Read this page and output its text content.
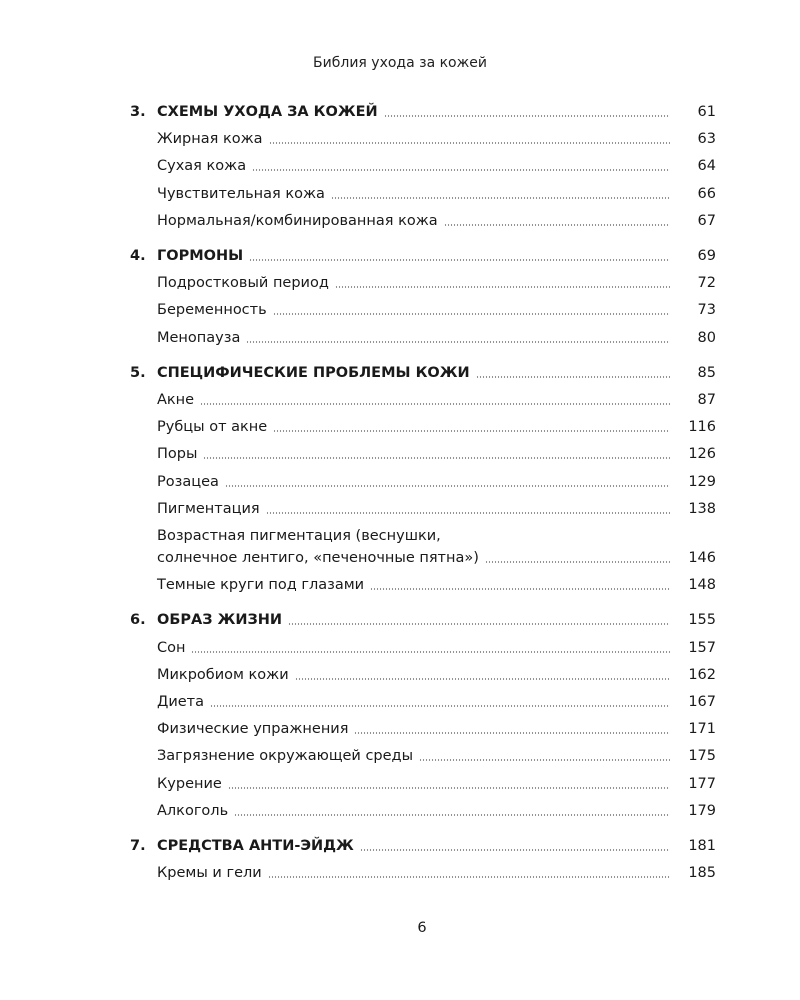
Библия ухода за кожей
3. СХЕМЫ УХОДА ЗА КОЖЕЙ	61
Жирная кожа	63
Сухая кожа	64
Чувствительная кожа	66
Нормальная/комбинированная кожа	67
4. ГОРМОНЫ	69
Подростковый период	72
Беременность	73
Менопауза	80
5. СПЕЦИФИЧЕСКИЕ ПРОБЛЕМЫ КОЖИ	85
Акне	87
Рубцы от акне	116
Поры	126
Розацеа	129
Пигментация	138
Возрастная пигментация (веснушки,
солнечное лентиго, «печеночные пятна»)	146
Темные круги под глазами	148
6. ОБРАЗ ЖИЗНИ	155
Сон	157
Микробиом кожи	162
Диета	167
Физические упражнения	171
Загрязнение окружающей среды	175
Курение	177
Алкоголь	179
7. СРЕДСТВА АНТИ-ЭЙДЖ	181
Кремы и гели	185
6
